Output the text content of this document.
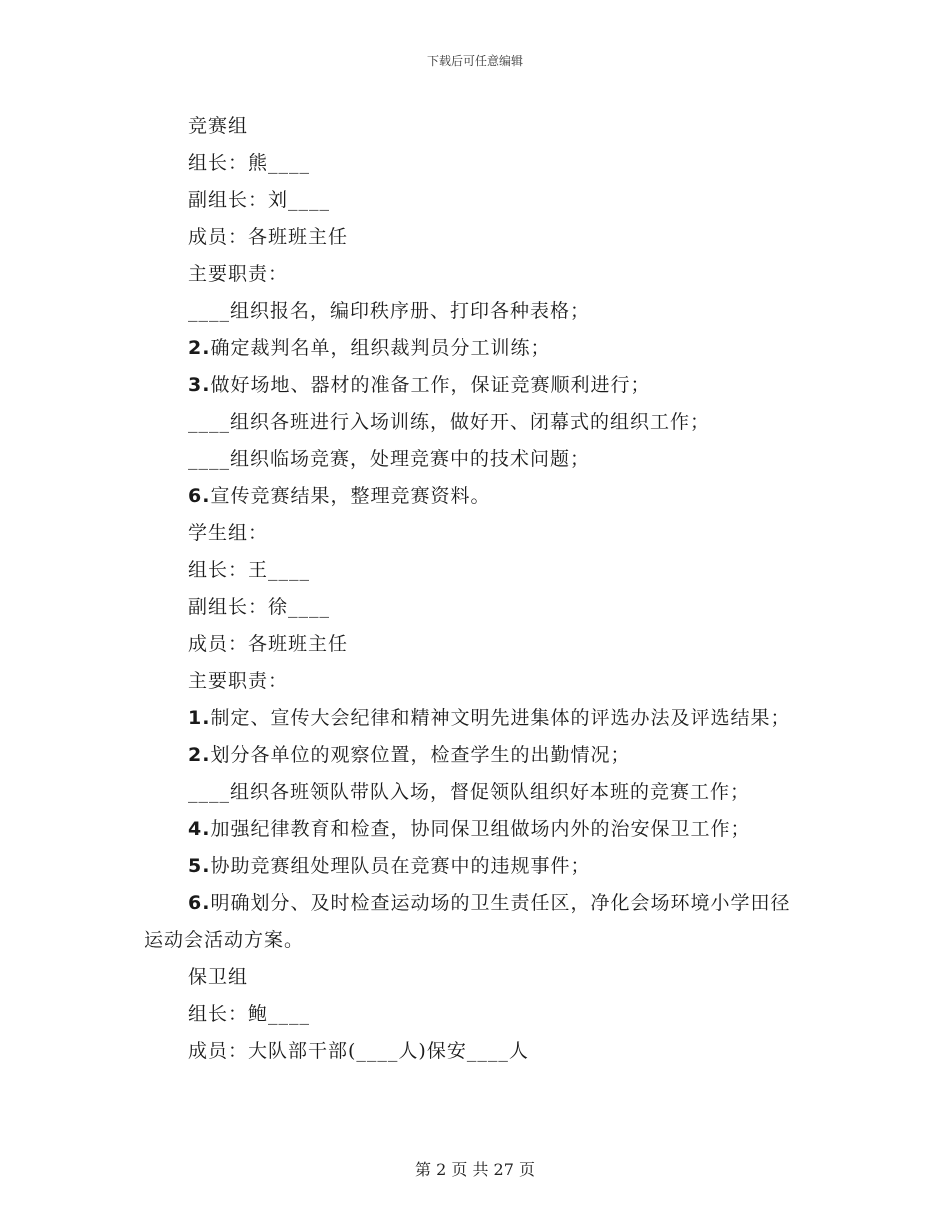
下载后可任意编辑
竞赛组
组长：熊____
副组长：刘____
成员：各班班主任
主要职责：
____组织报名，编印秩序册、打印各种表格；
2.确定裁判名单，组织裁判员分工训练；
3.做好场地、器材的准备工作，保证竞赛顺利进行；
____组织各班进行入场训练，做好开、闭幕式的组织工作；
____组织临场竞赛，处理竞赛中的技术问题；
6.宣传竞赛结果，整理竞赛资料。
学生组：
组长：王____
副组长：徐____
成员：各班班主任
主要职责：
1.制定、宣传大会纪律和精神文明先进集体的评选办法及评选结果；
2.划分各单位的观察位置，检查学生的出勤情况；
____组织各班领队带队入场，督促领队组织好本班的竞赛工作；
4.加强纪律教育和检查，协同保卫组做场内外的治安保卫工作；
5.协助竞赛组处理队员在竞赛中的违规事件；
6.明确划分、及时检查运动场的卫生责任区，净化会场环境小学田径运动会活动方案。
保卫组
组长：鲍____
成员：大队部干部(____人)保安____人
第 2 页 共 27 页
